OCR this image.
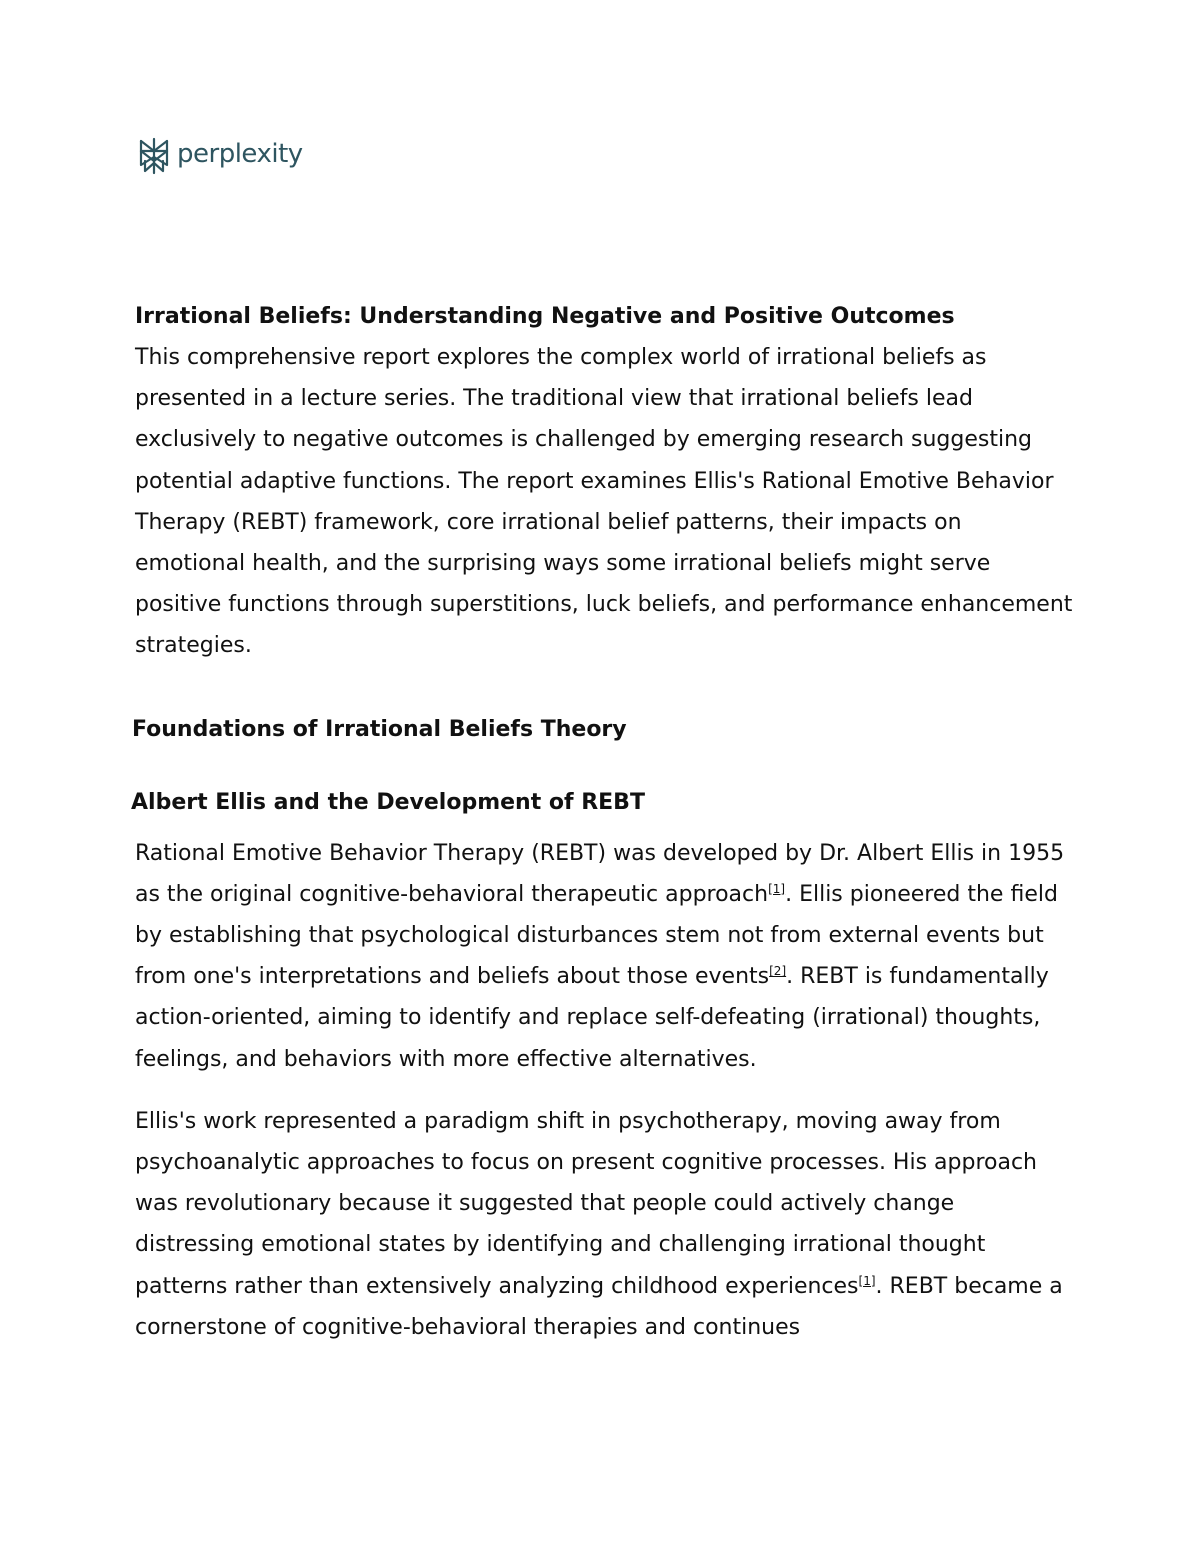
perplexity
Irrational Beliefs: Understanding Negative and Positive Outcomes

This comprehensive report explores the complex world of irrational beliefs as presented in a lecture series. The traditional view that irrational beliefs lead exclusively to negative outcomes is challenged by emerging research suggesting potential adaptive functions. The report examines Ellis's Rational Emotive Behavior Therapy (REBT) framework, core irrational belief patterns, their impacts on emotional health, and the surprising ways some irrational beliefs might serve positive functions through superstitions, luck beliefs, and performance enhancement strategies.

Foundations of Irrational Beliefs Theory
Albert Ellis and the Development of REBT

Rational Emotive Behavior Therapy (REBT) was developed by Dr. Albert Ellis in 1955 as the original cognitive-behavioral therapeutic approach[1]. Ellis pioneered the field by establishing that psychological disturbances stem not from external events but from one's interpretations and beliefs about those events[2]. REBT is fundamentally action-oriented, aiming to identify and replace self-defeating (irrational) thoughts, feelings, and behaviors with more effective alternatives.

Ellis's work represented a paradigm shift in psychotherapy, moving away from psychoanalytic approaches to focus on present cognitive processes. His approach was revolutionary because it suggested that people could actively change distressing emotional states by identifying and challenging irrational thought patterns rather than extensively analyzing childhood experiences[1]. REBT became a cornerstone of cognitive-behavioral therapies and continues
